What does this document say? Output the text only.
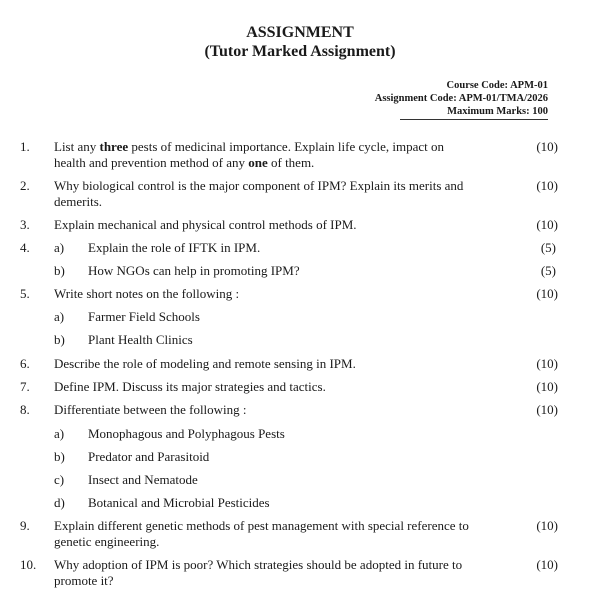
ASSIGNMENT
(Tutor Marked Assignment)
Course Code: APM-01
Assignment Code: APM-01/TMA/2026
Maximum Marks: 100
1.	List any three pests of medicinal importance. Explain life cycle, impact on	(10)
health and prevention method of any one of them.
2.	Why biological control is the major component of IPM? Explain its merits and	(10)
demerits.
3.	Explain mechanical and physical control methods of IPM.	(10)
4.	a)	Explain the role of IFTK in IPM.	(5)
b)	How NGOs can help in promoting IPM?	(5)
5.	Write short notes on the following :	(10)
a)	Farmer Field Schools
b)	Plant Health Clinics
6.	Describe the role of modeling and remote sensing in IPM.	(10)
7.	Define IPM. Discuss its major strategies and tactics.	(10)
8.	Differentiate between the following :	(10)
a)	Monophagous and Polyphagous Pests
b)	Predator and Parasitoid
c)	Insect and Nematode
d)	Botanical and Microbial Pesticides
9.	Explain different genetic methods of pest management with special reference to	(10)
genetic engineering.
10.	Why adoption of IPM is poor? Which strategies should be adopted in future to	(10)
promote it?
